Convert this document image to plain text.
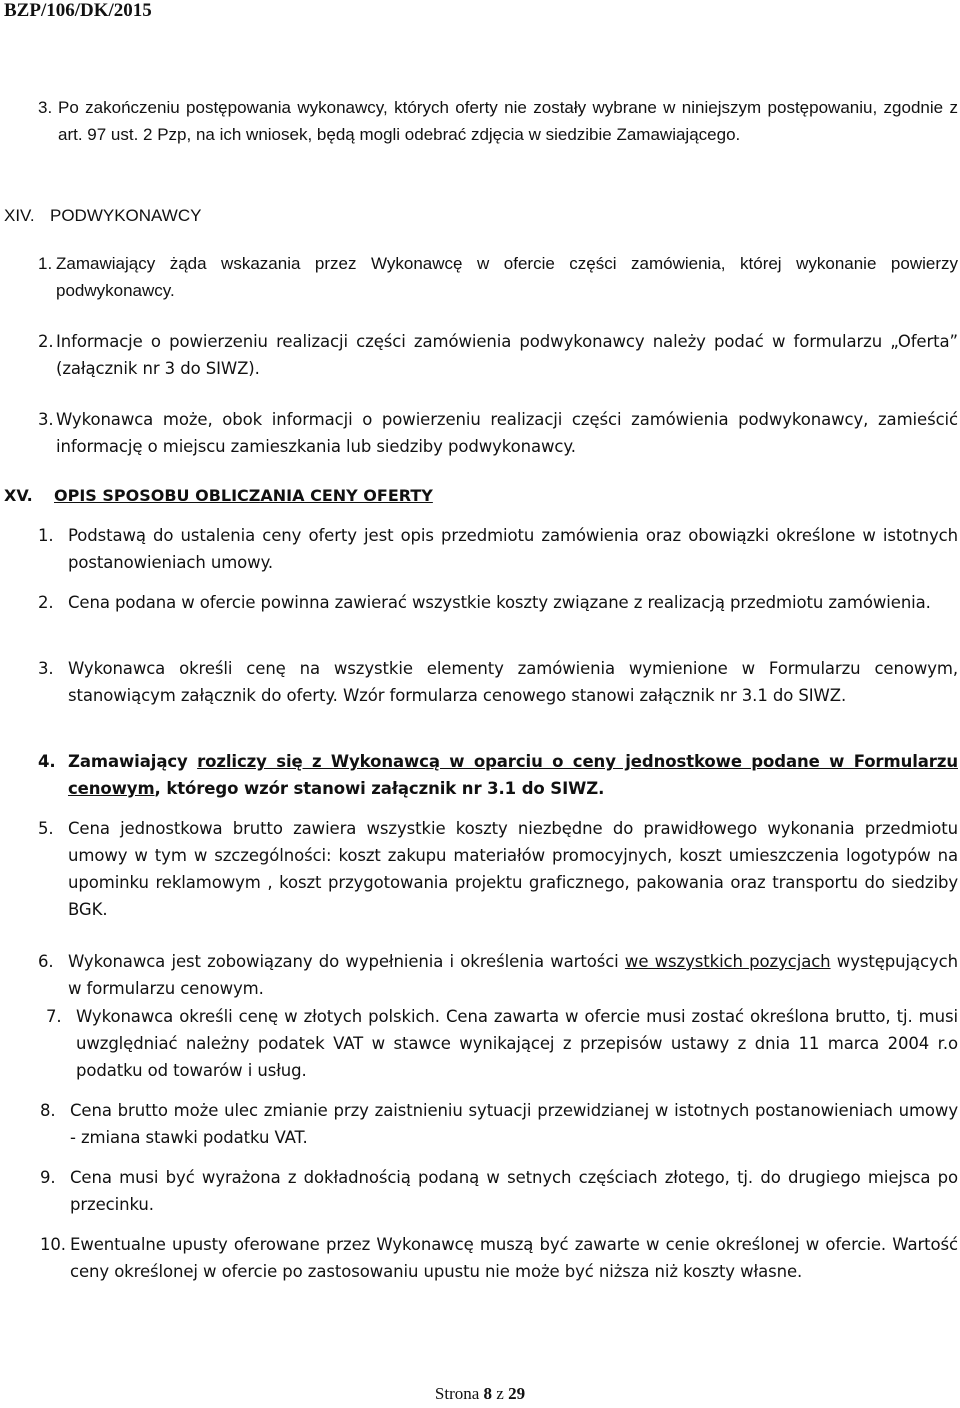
BZP/106/DK/2015
3. Po zakończeniu postępowania wykonawcy, których oferty nie zostały wybrane w niniejszym postępowaniu, zgodnie z art. 97 ust. 2 Pzp, na ich wniosek, będą mogli odebrać zdjęcia w siedzibie Zamawiającego.
XIV. PODWYKONAWCY
1. Zamawiający żąda wskazania przez Wykonawcę w ofercie części zamówienia, której wykonanie powierzy podwykonawcy.
2. Informacje o powierzeniu realizacji części zamówienia podwykonawcy należy podać w formularzu „Oferta” (załącznik nr 3 do SIWZ).
3. Wykonawca może, obok informacji o powierzeniu realizacji części zamówienia podwykonawcy, zamieścić informację o miejscu zamieszkania lub siedziby podwykonawcy.
XV. OPIS SPOSOBU OBLICZANIA CENY OFERTY
1. Podstawą do ustalenia ceny oferty jest opis przedmiotu zamówienia oraz obowiązki określone w istotnych postanowieniach umowy.
2. Cena podana w ofercie powinna zawierać wszystkie koszty związane z realizacją przedmiotu zamówienia.
3. Wykonawca określi cenę na wszystkie elementy zamówienia wymienione w Formularzu cenowym, stanowiącym załącznik do oferty. Wzór formularza cenowego stanowi załącznik nr 3.1 do SIWZ.
4. Zamawiający rozliczy się z Wykonawcą w oparciu o ceny jednostkowe podane w Formularzu cenowym, którego wzór stanowi załącznik nr 3.1 do SIWZ.
5. Cena jednostkowa brutto zawiera wszystkie koszty niezbędne do prawidłowego wykonania przedmiotu umowy w tym w szczególności: koszt zakupu materiałów promocyjnych, koszt umieszczenia logotypów na upominku reklamowym , koszt przygotowania projektu graficznego, pakowania oraz transportu do siedziby BGK.
6. Wykonawca jest zobowiązany do wypełnienia i określenia wartości we wszystkich pozycjach występujących w formularzu cenowym.
7. Wykonawca określi cenę w złotych polskich. Cena zawarta w ofercie musi zostać określona brutto, tj. musi uwzględniać należny podatek VAT w stawce wynikającej z przepisów ustawy z dnia 11 marca 2004 r.o podatku od towarów i usług.
8. Cena brutto może ulec zmianie przy zaistnieniu sytuacji przewidzianej w istotnych postanowieniach umowy - zmiana stawki podatku VAT.
9. Cena musi być wyrażona z dokładnością podaną w setnych częściach złotego, tj. do drugiego miejsca po przecinku.
10. Ewentualne upusty oferowane przez Wykonawcę muszą być zawarte w cenie określonej w ofercie. Wartość ceny określonej w ofercie po zastosowaniu upustu nie może być niższa niż koszty własne.
Strona 8 z 29
